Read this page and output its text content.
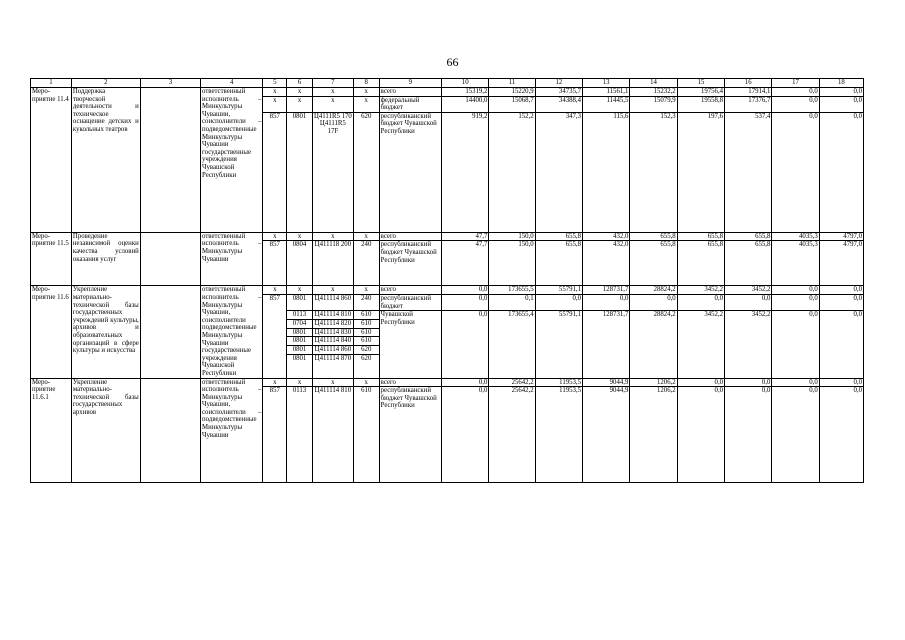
66
1	2	3	4	5	6	7	8	9	10	11	12	13	14	15	16	17	18
Меро-приятие 11.4	Поддержка творческой деятельности и техническое оснащение детских и кукольных театров		ответственный исполнитель – Минкультуры Чувашии, соисполнители – подведомственные Минкультуры Чувашии государственные учреждения Чувашской Республики	x	x	x	x	всего	15319,2	15220,9	34735,7	11561,1	15232,2	19756,4	17914,1	0,0	0,0
				x	x	x	x	федеральный бюджет	14400,0	15068,7	34388,4	11445,5	15079,9	19558,8	17376,7	0,0	0,0
				857	0801	Ц4111R5 170 Ц4111R5 17F	620	республиканский бюджет Чувашской Республики	919,2	152,2	347,3	115,6	152,3	197,6	537,4	0,0	0,0
Меро-приятие 11.5	Проведение независимой оценки качества условий оказания услуг		ответственный исполнитель – Минкультуры Чувашии	x	x	x	x	всего	47,7	150,0	655,8	432,0	655,8	655,8	655,8	4035,3	4797,0
				857	0804	Ц411118 200	240	республиканский бюджет Чувашской Республики	47,7	150,0	655,8	432,0	655,8	655,8	655,8	4035,3	4797,0
Меро-приятие 11.6	Укрепление материально-технической базы государственных учреждений культуры, архивов и образовательных организаций в сфере культуры и искусства		ответственный исполнитель – Минкультуры Чувашии, соисполнители подведомственные Минкультуры Чувашии государственные учреждения Чувашской Республики	x	x	x	x	всего	0,0	173655,5	55791,1	128731,7	28824,2	3452,2	3452,2	0,0	0,0
				857	0801	Ц411114 860	240	республиканский бюджет	0,0	0,1	0,0	0,0	0,0	0,0	0,0	0,0	0,0
					0113	Ц411114 810	610	Чувашской Республики	0,0	173655,4	55791,1	128731,7	28824,2	3452,2	3452,2	0,0	0,0
					0704	Ц411114 820	610										
					0801	Ц411114 830	610										
					0801	Ц411114 840	610										
					0801	Ц411114 860	620										
					0801	Ц411114 870	620										
Меро-приятие 11.6.1	Укрепление материально-технической базы государственных архивов		ответственный исполнитель – Минкультуры Чувашии, соисполнители – подведомственные Минкультуры Чувашии	x	x	x	x	всего	0,0	25642,2	11953,5	9044,9	1206,2	0,0	0,0	0,0	0,0
				857	0113	Ц411114 810	610	республиканский бюджет Чувашской Республики	0,0	25642,2	11953,5	9044,9	1206,2	0,0	0,0	0,0	0,0
